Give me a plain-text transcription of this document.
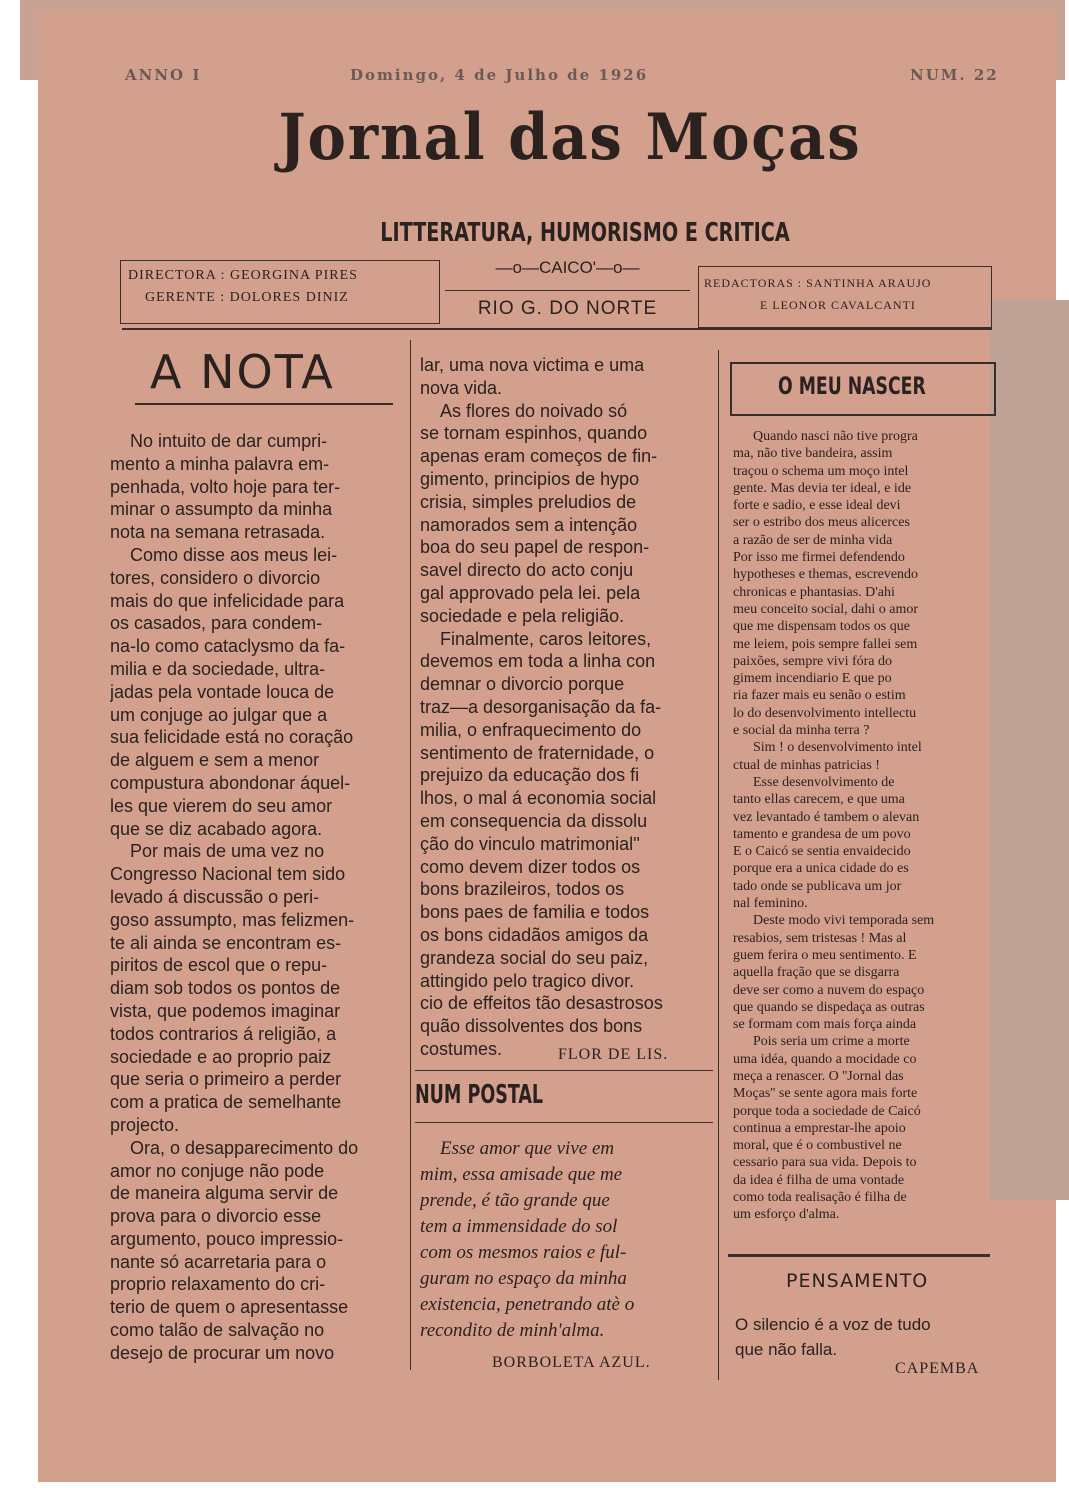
ANNO I	Domingo, 4 de Julho de 1926	NUM. 22
Jornal das Moças
LITTERATURA, HUMORISMO E CRITICA
DIRECTORA : GEORGINA PIRES
GERENTE : DOLORES DINIZ
—o—CAICO'—o—
RIO G. DO NORTE
REDACTORAS : SANTINHA ARAUJO
E LEONOR CAVALCANTI
A NOTA
No intuito de dar cumpri-
mento a minha palavra em-
penhada, volto hoje para ter-
minar o assumpto da minha
nota na semana retrasada.
Como disse aos meus lei-
tores, considero o divorcio
mais do que infelicidade para
os casados, para condem-
na-lo como cataclysmo da fa-
milia e da sociedade, ultra-
jadas pela vontade louca de
um conjuge ao julgar que a
sua felicidade está no coração
de alguem e sem a menor
compustura abondonar áquel-
les que vierem do seu amor
que se diz acabado agora.
Por mais de uma vez no
Congresso Nacional tem sido
levado á discussão o peri-
goso assumpto, mas felizmen-
te ali ainda se encontram es-
piritos de escol que o repu-
diam sob todos os pontos de
vista, que podemos imaginar
todos contrarios á religião, a
sociedade e ao proprio paiz
que seria o primeiro a perder
com a pratica de semelhante
projecto.
Ora, o desapparecimento do
amor no conjuge não pode
de maneira alguma servir de
prova para o divorcio esse
argumento, pouco impressio-
nante só acarretaria para o
proprio relaxamento do cri-
terio de quem o apresentasse
como talão de salvação no
desejo de procurar um novo
lar, uma nova victima e uma
nova vida.
As flores do noivado só
se tornam espinhos, quando
apenas eram começos de fin-
gimento, principios de hypo
crisia, simples preludios de
namorados sem a intenção
boa do seu papel de respon-
savel directo do acto conju
gal approvado pela lei. pela
sociedade e pela religião.
Finalmente, caros leitores,
devemos em toda a linha con
demnar o divorcio porque
traz—a desorganisação da fa-
milia, o enfraquecimento do
sentimento de fraternidade, o
prejuizo da educação dos fi
lhos, o mal á economia social
em consequencia da dissolu
ção do vinculo matrimonial''
como devem dizer todos os
bons brazileiros, todos os
bons paes de familia e todos
os bons cidadãos amigos da
grandeza social do seu paiz,
attingido pelo tragico divor.
cio de effeitos tão desastrosos
quão dissolventes dos bons
costumes.	FLOR DE LIS.
NUM POSTAL
Esse amor que vive em
mim, essa amisade que me
prende, é tão grande que
tem a immensidade do sol
com os mesmos raios e ful-
guram no espaço da minha
existencia, penetrando atè o
recondito de minh'alma.
BORBOLETA AZUL.
O MEU NASCER
Quando nasci não tive progra
ma, não tive bandeira, assim
traçou o schema um moço intel
gente. Mas devia ter ideal, e ide
forte e sadio, e esse ideal devi
ser o estribo dos meus alicerces
a razão de ser de minha vida
Por isso me firmei defendendo
hypotheses e themas, escrevendo
chronicas e phantasias. D'ahi
meu conceito social, dahi o amor
que me dispensam todos os que
me leiem, pois sempre fallei sem
paixões, sempre vivi fóra do
gimem incendiario E que po
ria fazer mais eu senão o estim
lo do desenvolvimento intellectu
e social da minha terra ?
Sim ! o desenvolvimento intel
ctual de minhas patricias !
Esse desenvolvimento de
tanto ellas carecem, e que uma
vez levantado é tambem o alevan
tamento e grandesa de um povo
E o Caicó se sentia envaidecido
porque era a unica cidade do es
tado onde se publicava um jor
nal feminino.
Deste modo vivi temporada sem
resabios, sem tristesas ! Mas al
guem ferira o meu sentimento. E
aquella fração que se disgarra
deve ser como a nuvem do espaço
que quando se dispedaça as outras
se formam com mais força ainda
Pois seria um crime a morte
uma idéa, quando a mocidade co
meça a renascer. O ''Jornal das
Moças'' se sente agora mais forte
porque toda a sociedade de Caicó
continua a emprestar-lhe apoio
moral, que é o combustivel ne
cessario para sua vida. Depois to
da idea é filha de uma vontade
como toda realisação é filha de
um esforço d'alma.
PENSAMENTO
O silencio é a voz de tudo
que não falla.
CAPEMBA
